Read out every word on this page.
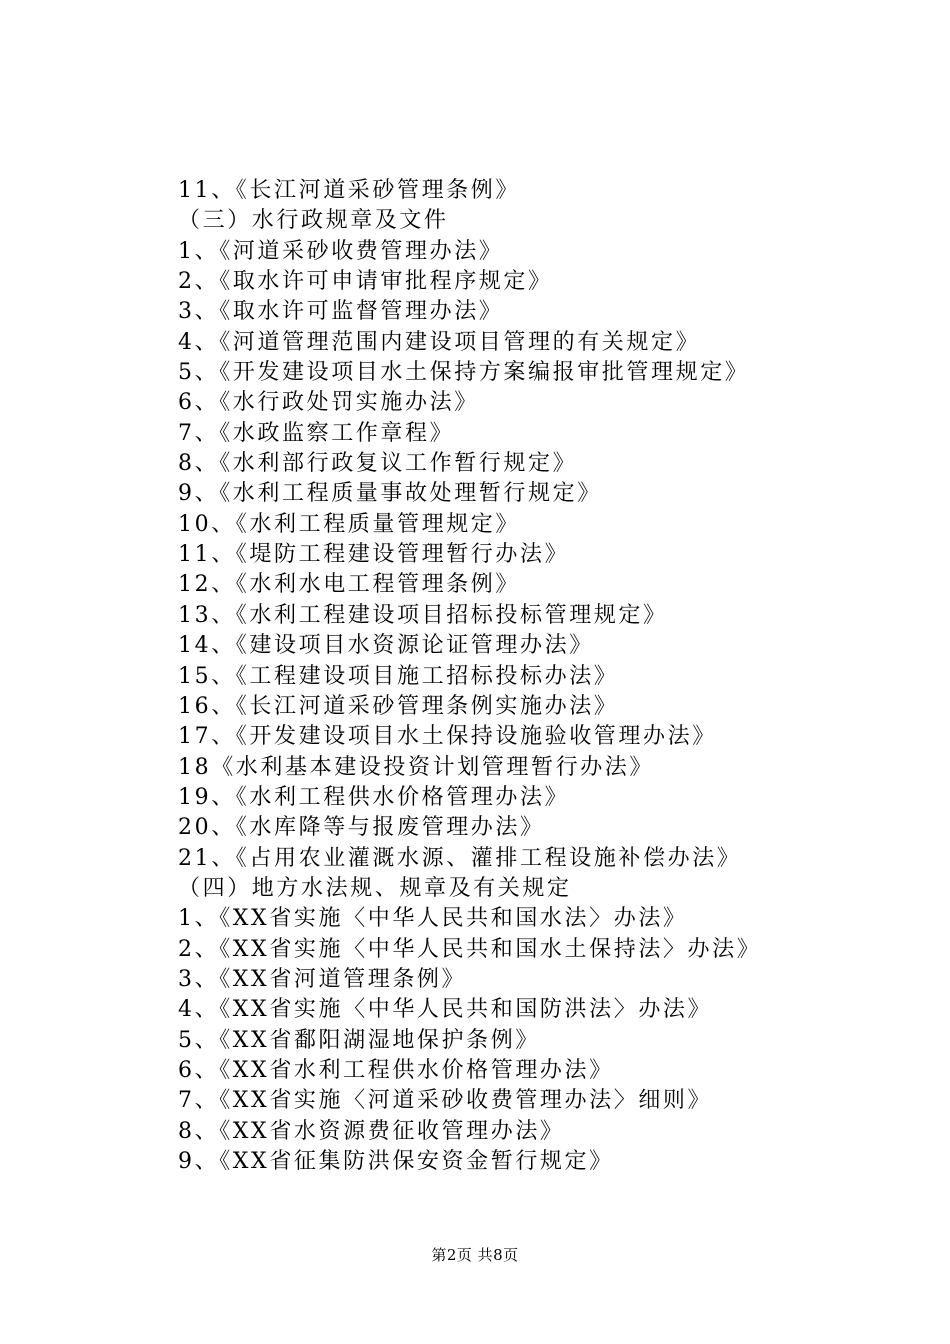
11、《长江河道采砂管理条例》
（三）水行政规章及文件
1、《河道采砂收费管理办法》
2、《取水许可申请审批程序规定》
3、《取水许可监督管理办法》
4、《河道管理范围内建设项目管理的有关规定》
5、《开发建设项目水土保持方案编报审批管理规定》
6、《水行政处罚实施办法》
7、《水政监察工作章程》
8、《水利部行政复议工作暂行规定》
9、《水利工程质量事故处理暂行规定》
10、《水利工程质量管理规定》
11、《堤防工程建设管理暂行办法》
12、《水利水电工程管理条例》
13、《水利工程建设项目招标投标管理规定》
14、《建设项目水资源论证管理办法》
15、《工程建设项目施工招标投标办法》
16、《长江河道采砂管理条例实施办法》
17、《开发建设项目水土保持设施验收管理办法》
18《水利基本建设投资计划管理暂行办法》
19、《水利工程供水价格管理办法》
20、《水库降等与报废管理办法》
21、《占用农业灌溉水源、灌排工程设施补偿办法》
（四）地方水法规、规章及有关规定
1、《XX省实施〈中华人民共和国水法〉办法》
2、《XX省实施〈中华人民共和国水土保持法〉办法》
3、《XX省河道管理条例》
4、《XX省实施〈中华人民共和国防洪法〉办法》
5、《XX省鄱阳湖湿地保护条例》
6、《XX省水利工程供水价格管理办法》
7、《XX省实施〈河道采砂收费管理办法〉细则》
8、《XX省水资源费征收管理办法》
9、《XX省征集防洪保安资金暂行规定》
第2页 共8页
